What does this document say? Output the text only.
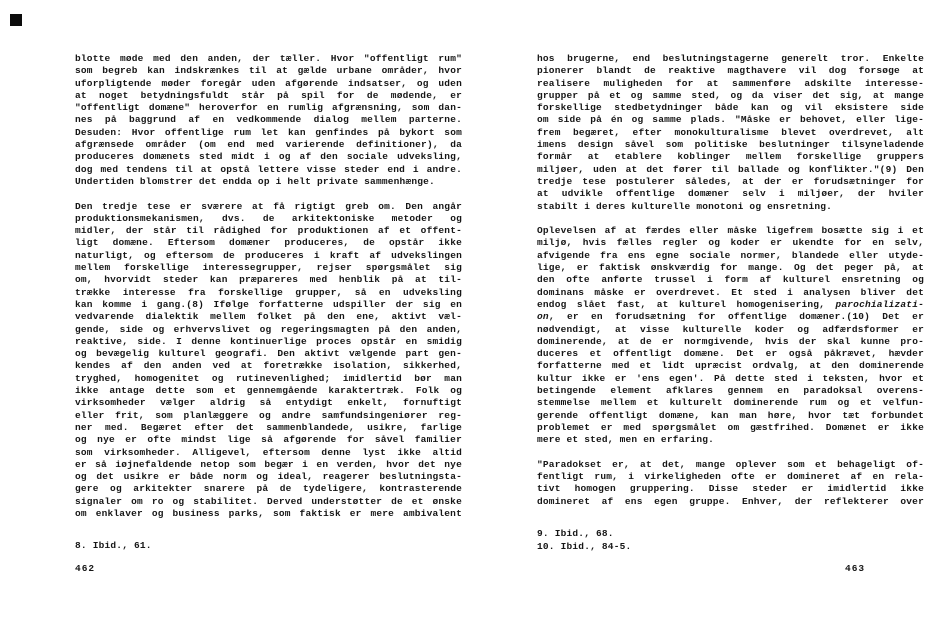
blotte møde med den anden, der tæller. Hvor "offentligt rum"
som begreb kan indskrænkes til at gælde urbane områder, hvor
uforpligtende møder foregår uden afgørende indsatser, og uden
at noget betydningsfuldt står på spil for de mødende, er
"offentligt domæne" heroverfor en rumlig afgrænsning, som dan-
nes på baggrund af en vedkommende dialog mellem parterne.
Desuden: Hvor offentlige rum let kan genfindes på bykort som
afgrænsede områder (om end med varierende definitioner), da
produceres domænets sted midt i og af den sociale udveksling,
dog med tendens til at opstå lettere visse steder end i andre.
Undertiden blomstrer det endda op i helt private sammenhænge.
Den tredje tese er sværere at få rigtigt greb om. Den angår
produktionsmekanismen, dvs. de arkitektoniske metoder og
midler, der står til rådighed for produktionen af et offent-
ligt domæne. Eftersom domæner produceres, de opstår ikke
naturligt, og eftersom de produceres i kraft af udvekslingen
mellem forskellige interessegrupper, rejser spørgsmålet sig
om, hvorvidt steder kan præpareres med henblik på at til-
trække interesse fra forskellige grupper, så en udveksling
kan komme i gang.(8) Ifølge forfatterne udspiller der sig en
vedvarende dialektik mellem folket på den ene, aktivt væl-
gende, side og erhvervslivet og regeringsmagten på den anden,
reaktive, side. I denne kontinuerlige proces opstår en smidig
og bevægelig kulturel geografi. Den aktivt vælgende part gen-
kendes af den anden ved at foretrække isolation, sikkerhed,
tryghed, homogenitet og rutinevenlighed; imidlertid bør man
ikke antage dette som et gennemgående karaktertræk. Folk og
virksomheder vælger aldrig så entydigt enkelt, fornuftigt
eller frit, som planlæggere og andre samfundsingeniører reg-
ner med. Begæret efter det sammenblandede, usikre, farlige
og nye er ofte mindst lige så afgørende for såvel familier
som virksomheder. Alligevel, eftersom denne lyst ikke altid
er så iøjnefaldende netop som begær i en verden, hvor det nye
og det usikre er både norm og ideal, reagerer beslutningsta-
gere og arkitekter snarere på de tydeligere, kontrasterende
signaler om ro og stabilitet. Derved understøtter de et ønske
om enklaver og business parks, som faktisk er mere ambivalent
hos brugerne, end beslutningstagerne generelt tror. Enkelte
pionerer blandt de reaktive magthavere vil dog forsøge at
realisere muligheden for at sammenføre adskilte interesse-
grupper på et og samme sted, og da viser det sig, at mange
forskellige stedbetydninger både kan og vil eksistere side
om side på én og samme plads. "Måske er behovet, eller lige-
frem begæret, efter monokulturalisme blevet overdrevet, alt
imens design såvel som politiske beslutninger tilsyneladende
formår at etablere koblinger mellem forskellige gruppers
miljøer, uden at det fører til ballade og konflikter."(9) Den
tredje tese postulerer således, at der er forudsætninger for
at udvikle offentlige domæner selv i miljøer, der hviler
stabilt i deres kulturelle monotoni og ensretning.
Oplevelsen af at færdes eller måske ligefrem bosætte sig i et
miljø, hvis fælles regler og koder er ukendte for en selv,
afvigende fra ens egne sociale normer, blandede eller utyde-
lige, er faktisk ønskværdig for mange. Og det peger på, at
den ofte anførte trussel i form af kulturel ensretning og
dominans måske er overdrevet. Et sted i analysen bliver det
endog slået fast, at kulturel homogenisering, parochializati-
on, er en forudsætning for offentlige domæner.(10) Det er
nødvendigt, at visse kulturelle koder og adfærdsformer er
dominerende, at de er normgivende, hvis der skal kunne pro-
duceres et offentligt domæne. Det er også påkrævet, hævder
forfatterne med et lidt upræcist ordvalg, at den dominerende
kultur ikke er 'ens egen'. På dette sted i teksten, hvor et
betingende element afklares gennem en paradoksal overens-
stemmelse mellem et kulturelt dominerende rum og et velfun-
gerende offentligt domæne, kan man høre, hvor tæt forbundet
problemet er med spørgsmålet om gæstfrihed. Domænet er ikke
mere et sted, men en erfaring.
"Paradokset er, at det, mange oplever som et behageligt of-
fentligt rum, i virkeligheden ofte er domineret af en rela-
tivt homogen gruppering. Disse steder er imidlertid ikke
domineret af ens egen gruppe. Enhver, der reflekterer over
8. Ibid., 61.
9. Ibid., 68.
10. Ibid., 84-5.
462	463
